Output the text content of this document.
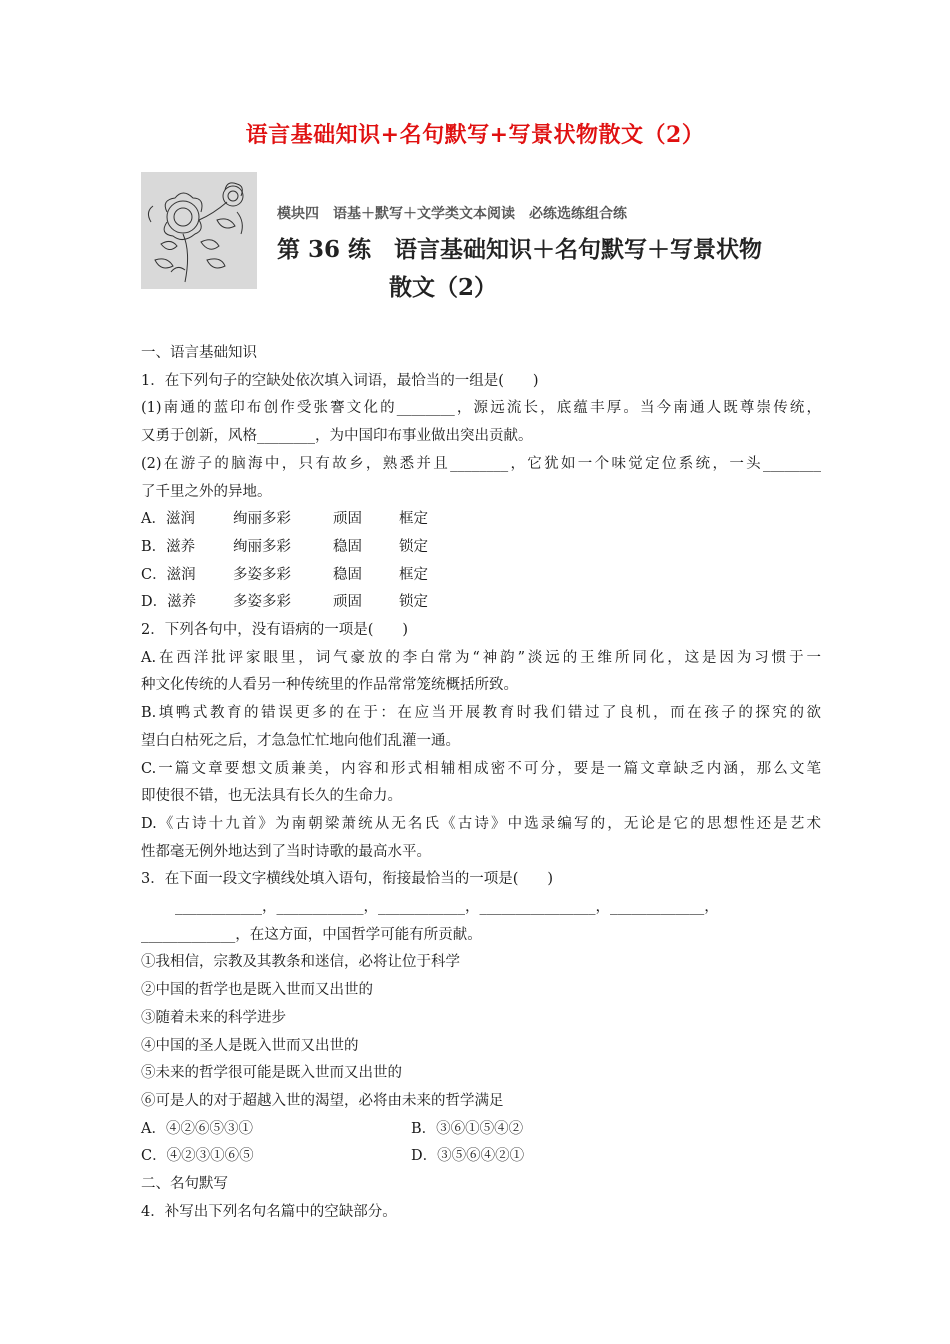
语言基础知识+名句默写+写景状物散文（2）
模块四　语基＋默写＋文学类文本阅读　必练选练组合练
第 36 练　语言基础知识＋名句默写＋写景状物
散文（2）
一、语言基础知识
1．在下列句子的空缺处依次填入词语，最恰当的一组是(　　)
(1)南通的蓝印布创作受张謇文化的________，源远流长，底蕴丰厚。当今南通人既尊崇传统，
又勇于创新，风格________，为中国印布事业做出突出贡献。
(2)在游子的脑海中，只有故乡，熟悉并且________，它犹如一个味觉定位系统，一头________
了千里之外的异地。
A．滋润	绚丽多彩	顽固	框定
B．滋养	绚丽多彩	稳固	锁定
C．滋润	多姿多彩	稳固	框定
D．滋养	多姿多彩	顽固	锁定
2．下列各句中，没有语病的一项是(　　)
A.在西洋批评家眼里，词气豪放的李白常为“神韵”淡远的王维所同化，这是因为习惯于一
种文化传统的人看另一种传统里的作品常常笼统概括所致。
B.填鸭式教育的错误更多的在于：在应当开展教育时我们错过了良机，而在孩子的探究的欲
望白白枯死之后，才急急忙忙地向他们乱灌一通。
C.一篇文章要想文质兼美，内容和形式相辅相成密不可分，要是一篇文章缺乏内涵，那么文笔
即使很不错，也无法具有长久的生命力。
D.《古诗十九首》为南朝梁萧统从无名氏《古诗》中选录编写的，无论是它的思想性还是艺术
性都毫无例外地达到了当时诗歌的最高水平。
3．在下面一段文字横线处填入语句，衔接最恰当的一项是(　　)
____________，____________，____________，________________，_____________，
_____________，在这方面，中国哲学可能有所贡献。
①我相信，宗教及其教条和迷信，必将让位于科学
②中国的哲学也是既入世而又出世的
③随着未来的科学进步
④中国的圣人是既入世而又出世的
⑤未来的哲学很可能是既入世而又出世的
⑥可是人的对于超越入世的渴望，必将由未来的哲学满足
A．④②⑥⑤③①	B．③⑥①⑤④②
C．④②③①⑥⑤	D．③⑤⑥④②①
二、名句默写
4．补写出下列名句名篇中的空缺部分。
